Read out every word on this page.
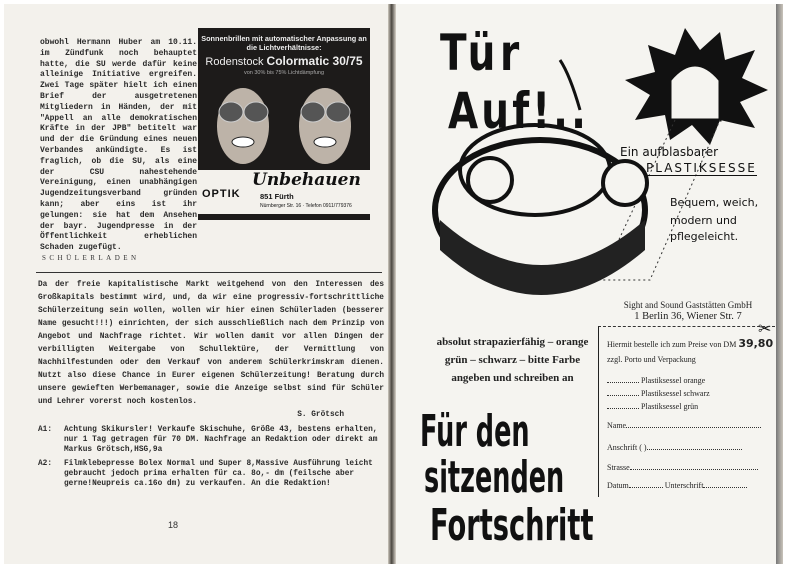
obwohl Hermann Huber am 10.11. im Zündfunk noch behauptet hatte, die SU werde dafür keine alleinige Initiative ergreifen. Zwei Tage später hielt ich einen Brief der ausgetretenen Mitgliedern in Händen, der mit "Appell an alle demokratischen Kräfte in der JPB" betitelt war und der die Gründung eines neuen Verbandes ankündigte. Es ist fraglich, ob die SU, als eine der CSU nahestehende Vereinigung, einen unabhängigen Jugendzeitungsverband gründen kann; aber eins ist ihr gelungen: sie hat dem Ansehen der bayr. Jugendpresse in der Öffentlichkeit erheblichen Schaden zugefügt.
Sonnenbrillen mit automatischer Anpassung an die Lichtverhältnisse:
Rodenstock Colormatic 30/75
von 30% bis 75% Lichtdämpfung
OPTIK
Unbehauen
851 Fürth
Nürnberger Str. 16 · Telefon 0911/779376
SCHÜLERLADEN
Da der freie kapitalistische Markt weitgehend von den Interessen des Großkapitals bestimmt wird, und, da wir eine progressiv-fortschrittliche Schülerzeitung sein wollen, wollen wir hier einen Schülerladen (besserer Name gesucht!!!) einrichten, der sich ausschließlich nach dem Prinzip von Angebot und Nachfrage richtet. Wir wollen damit vor allen Dingen der verbilligten Weitergabe von Schullektüre, der Vermittlung von Nachhilfestunden oder dem Verkauf von anderem Schülerkrimskram dienen. Nutzt also diese Chance in Eurer eigenen Schülerzeitung! Beratung durch unsere gewieften Werbemanager, sowie die Anzeige selbst sind für Schüler und Lehrer vorerst noch kostenlos.
S. Grötsch
A1: Achtung Skikursler! Verkaufe Skischuhe, Größe 43, bestens erhalten, nur 1 Tag getragen für 70 DM. Nachfrage an Redaktion oder direkt am Markus Grötsch,HSG,9a
A2: Filmklebepresse Bolex Normal und Super 8,Massive Ausführung leicht gebraucht jedoch prima erhalten für ca. 8o,- dm (feilsche aber gerne!Neupreis ca.16o dm) zu verkaufen. An die Redaktion!
18
Tür
Auf!..
Ein aufblasbarer
PLASTIKSESSE
Bequem, weich,
modern und
pflegeleicht.
absolut strapazierfähig – orange
grün – schwarz – bitte Farbe
angeben und schreiben an
Sight and Sound Gaststätten GmbH
1 Berlin 36, Wiener Str. 7
✂
Hiermit bestelle ich zum Preise von DM 39,80
zzgl. Porto und Verpackung
Plastiksessel orange
Plastiksessel schwarz
Plastiksessel grün
Name
Anschrift ( )
Strasse
Datum	Unterschrift
Für den
sitzenden
Fortschritt
